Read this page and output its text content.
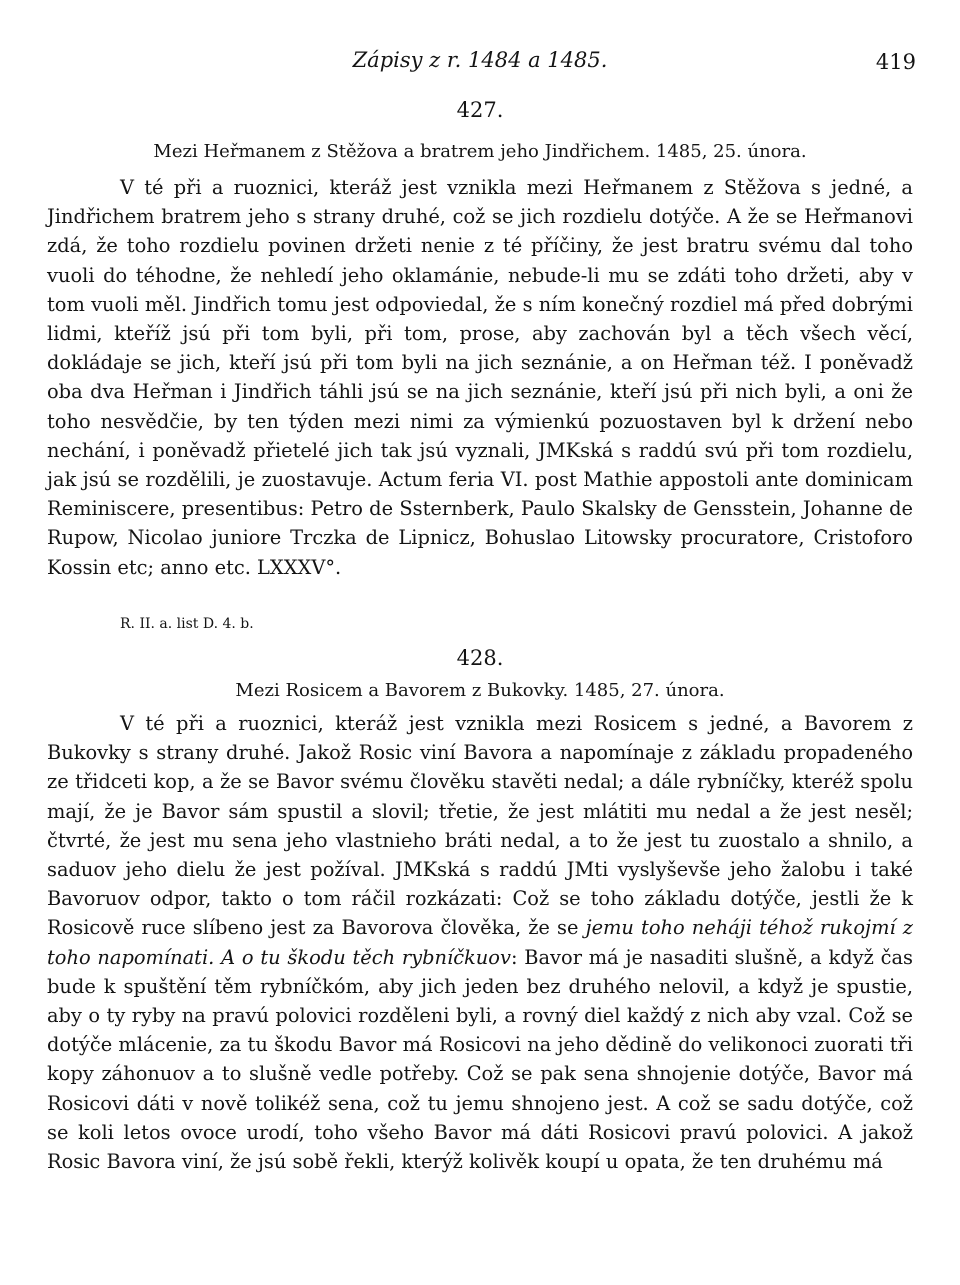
Zápisy z r. 1484 a 1485.	419
427.
Mezi Heřmanem z Stěžova a bratrem jeho Jindřichem. 1485, 25. února.

V té při a ruoznici, kteráž jest vznikla mezi Heřmanem z Stěžova s jedné, a Jindřichem bratrem jeho s strany druhé, což se jich rozdielu dotýče. A že se Heřmanovi zdá, že toho rozdielu povinen držeti nenie z té příčiny, že jest bratru svému dal toho vuoli do téhodne, že nehledí jeho oklamánie, nebude-li mu se zdáti toho držeti, aby v tom vuoli měl. Jindřich tomu jest odpoviedal, že s ním konečný rozdiel má před dobrými lidmi, kteříž jsú při tom byli, při tom, prose, aby zachován byl a těch všech věcí, dokládaje se jich, kteří jsú při tom byli na jich seznánie, a on Heřman též. I poněvadž oba dva Heřman i Jindřich táhli jsú se na jich seznánie, kteří jsú při nich byli, a oni že toho nesvědčie, by ten týden mezi nimi za výmienkú pozuostaven byl k držení nebo nechání, i poněvadž přietelé jich tak jsú vyznali, JMKská s raddú svú při tom rozdielu, jak jsú se rozdělili, je zuostavuje. Actum feria VI. post Mathie appostoli ante dominicam Reminiscere, presentibus: Petro de Ssternberk, Paulo Skalsky de Gensstein, Johanne de Rupow, Nicolao juniore Trczka de Lipnicz, Bohuslao Litowsky procuratore, Cristoforo Kossin etc; anno etc. LXXXV°.

R. II. a. list D. 4. b.
428.
Mezi Rosicem a Bavorem z Bukovky. 1485, 27. února.

V té při a ruoznici, kteráž jest vznikla mezi Rosicem s jedné, a Bavorem z Bukovky s strany druhé. Jakož Rosic viní Bavora a napomínaje z základu propadeného ze třidceti kop, a že se Bavor svému člověku stavěti nedal; a dále rybníčky, kteréž spolu mají, že je Bavor sám spustil a slovil; třetie, že jest mlátiti mu nedal a že jest nesěl; čtvrté, že jest mu sena jeho vlastnieho bráti nedal, a to že jest tu zuostalo a shnilo, a saduov jeho dielu že jest požíval. JMKská s raddú JMti vyslyševše jeho žalobu i také Bavoruov odpor, takto o tom ráčil rozkázati: Což se toho základu dotýče, jestli že k Rosicově ruce slíbeno jest za Bavorova člověka, že se jemu toho neháji téhož rukojmí z toho napomínati. A o tu škodu těch rybníčkuov: Bavor má je nasaditi slušně, a když čas bude k spuštění těm rybníčkóm, aby jich jeden bez druhého nelovil, a když je spustie, aby o ty ryby na pravú polovici rozděleni byli, a rovný diel každý z nich aby vzal. Což se dotýče mlácenie, za tu škodu Bavor má Rosicovi na jeho dědině do velikonoci zuorati tři kopy záhonuov a to slušně vedle potřeby. Což se pak sena shnojenie dotýče, Bavor má Rosicovi dáti v nově tolikéž sena, což tu jemu shnojeno jest. A což se sadu dotýče, což se koli letos ovoce urodí, toho všeho Bavor má dáti Rosicovi pravú polovici. A jakož Rosic Bavora viní, že jsú sobě řekli, kterýž kolivěk koupí u opata, že ten druhému má
